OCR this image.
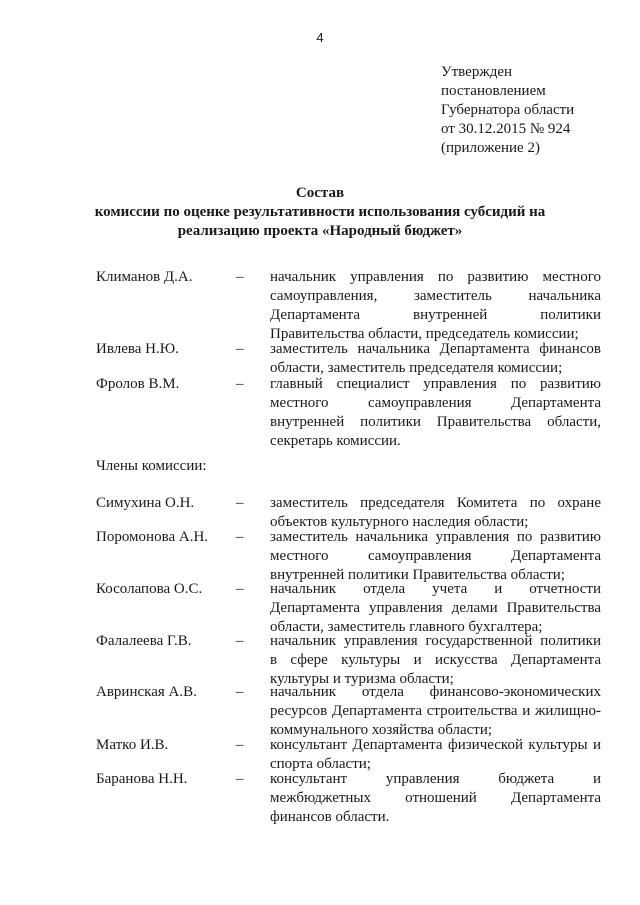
4
Утвержден
постановлением
Губернатора области
от 30.12.2015 № 924
(приложение 2)
Состав
комиссии по оценке результативности использования субсидий на
реализацию проекта «Народный бюджет»
Климанов Д.А.	– начальник управления по развитию местного
самоуправления, заместитель начальника
Департамента внутренней политики
Правительства области, председатель комиссии;
Ивлева Н.Ю.	– заместитель начальника Департамента финансов
области, заместитель председателя комиссии;
Фролов В.М.	– главный специалист управления по развитию
местного самоуправления Департамента
внутренней политики Правительства области,
секретарь комиссии.
Члены комиссии:
Симухина О.Н.	– заместитель председателя Комитета по охране
объектов культурного наследия области;
Поромонова А.Н. – заместитель начальника управления по развитию
местного самоуправления Департамента
внутренней политики Правительства области;
Косолапова О.С. – начальник отдела учета и отчетности
Департамента управления делами Правительства
области, заместитель главного бухгалтера;
Фалалеева Г.В.	– начальник управления государственной политики
в сфере культуры и искусства Департамента
культуры и туризма области;
Авринская А.В.	– начальник отдела финансово-экономических
ресурсов Департамента строительства и жилищно-
коммунального хозяйства области;
Матко И.В.	– консультант Департамента физической культуры и
спорта области;
Баранова Н.Н.	– консультант управления бюджета и
межбюджетных отношений Департамента
финансов области.
